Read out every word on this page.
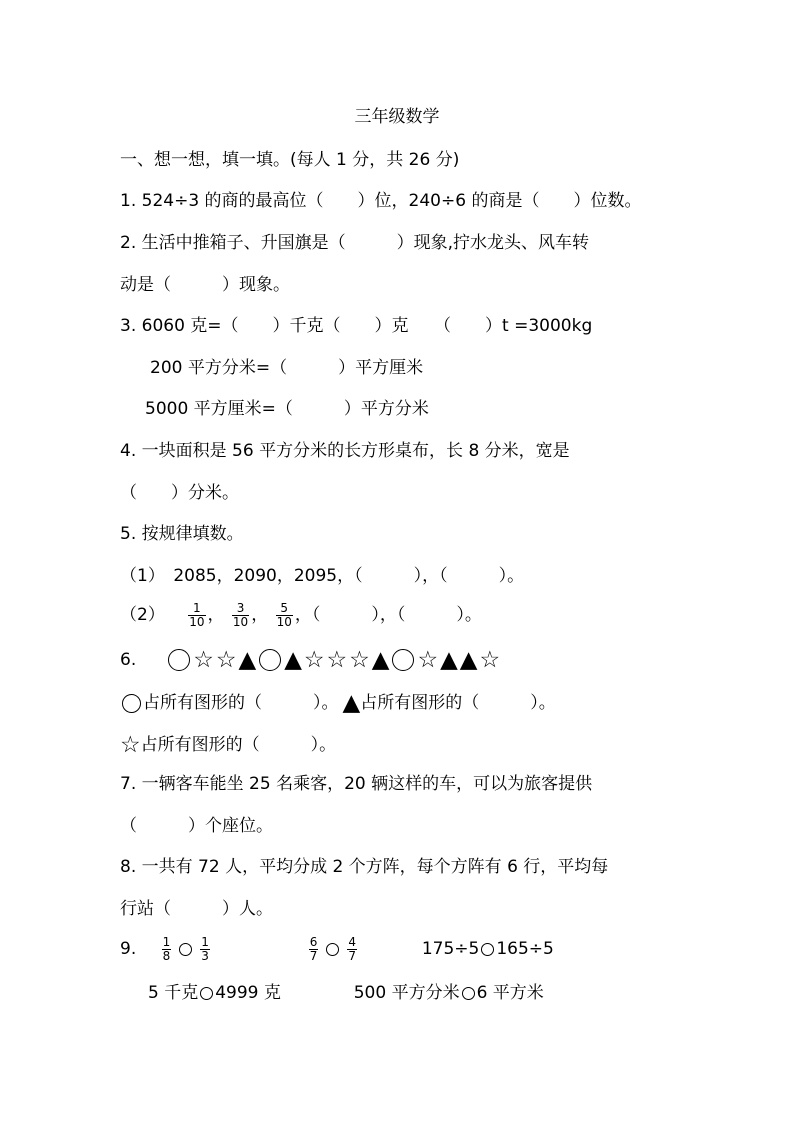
三年级数学
一、想一想，填一填。(每人 1 分，共 26 分)
1. 524÷3 的商的最高位（　　）位，240÷6 的商是（　　）位数。
2. 生活中推箱子、升国旗是（　　　）现象,拧水龙头、风车转
动是（　　　）现象。
3. 6060 克=（　　）千克（　　）克　　（　　）t =3000kg
200 平方分米=（　　　）平方厘米
5000 平方厘米=（　　　）平方分米
4. 一块面积是 56 平方分米的长方形桌布，长 8 分米，宽是
（　　）分米。
5. 按规律填数。
（1）　2085，2090，2095，（　　　），（　　　）。
$(2) \frac{1}{10}$ ， $\frac{3}{10}$ ， $\frac{5}{10}$ ，（　　　），（　　　）。
6. ☆☆▲ ▲☆☆☆▲ ☆▲▲☆
占所有图形的（　　　）。 ▲占所有图形的（　　　）。
☆占所有图形的（　　　）。
7. 一辆客车能坐 25 名乘客，20 辆这样的车，可以为旅客提供
（　　　）个座位。
8. 一共有 72 人，平均分成 2 个方阵，每个方阵有 6 行，平均每
行站（　　　）人。
9. $\frac{1}{8} \frac{1}{3}$
	$\frac{6}{7} \frac{4}{7}$	175÷5 165÷5
5 千克 4999 克	500 平方分米 6 平方米
